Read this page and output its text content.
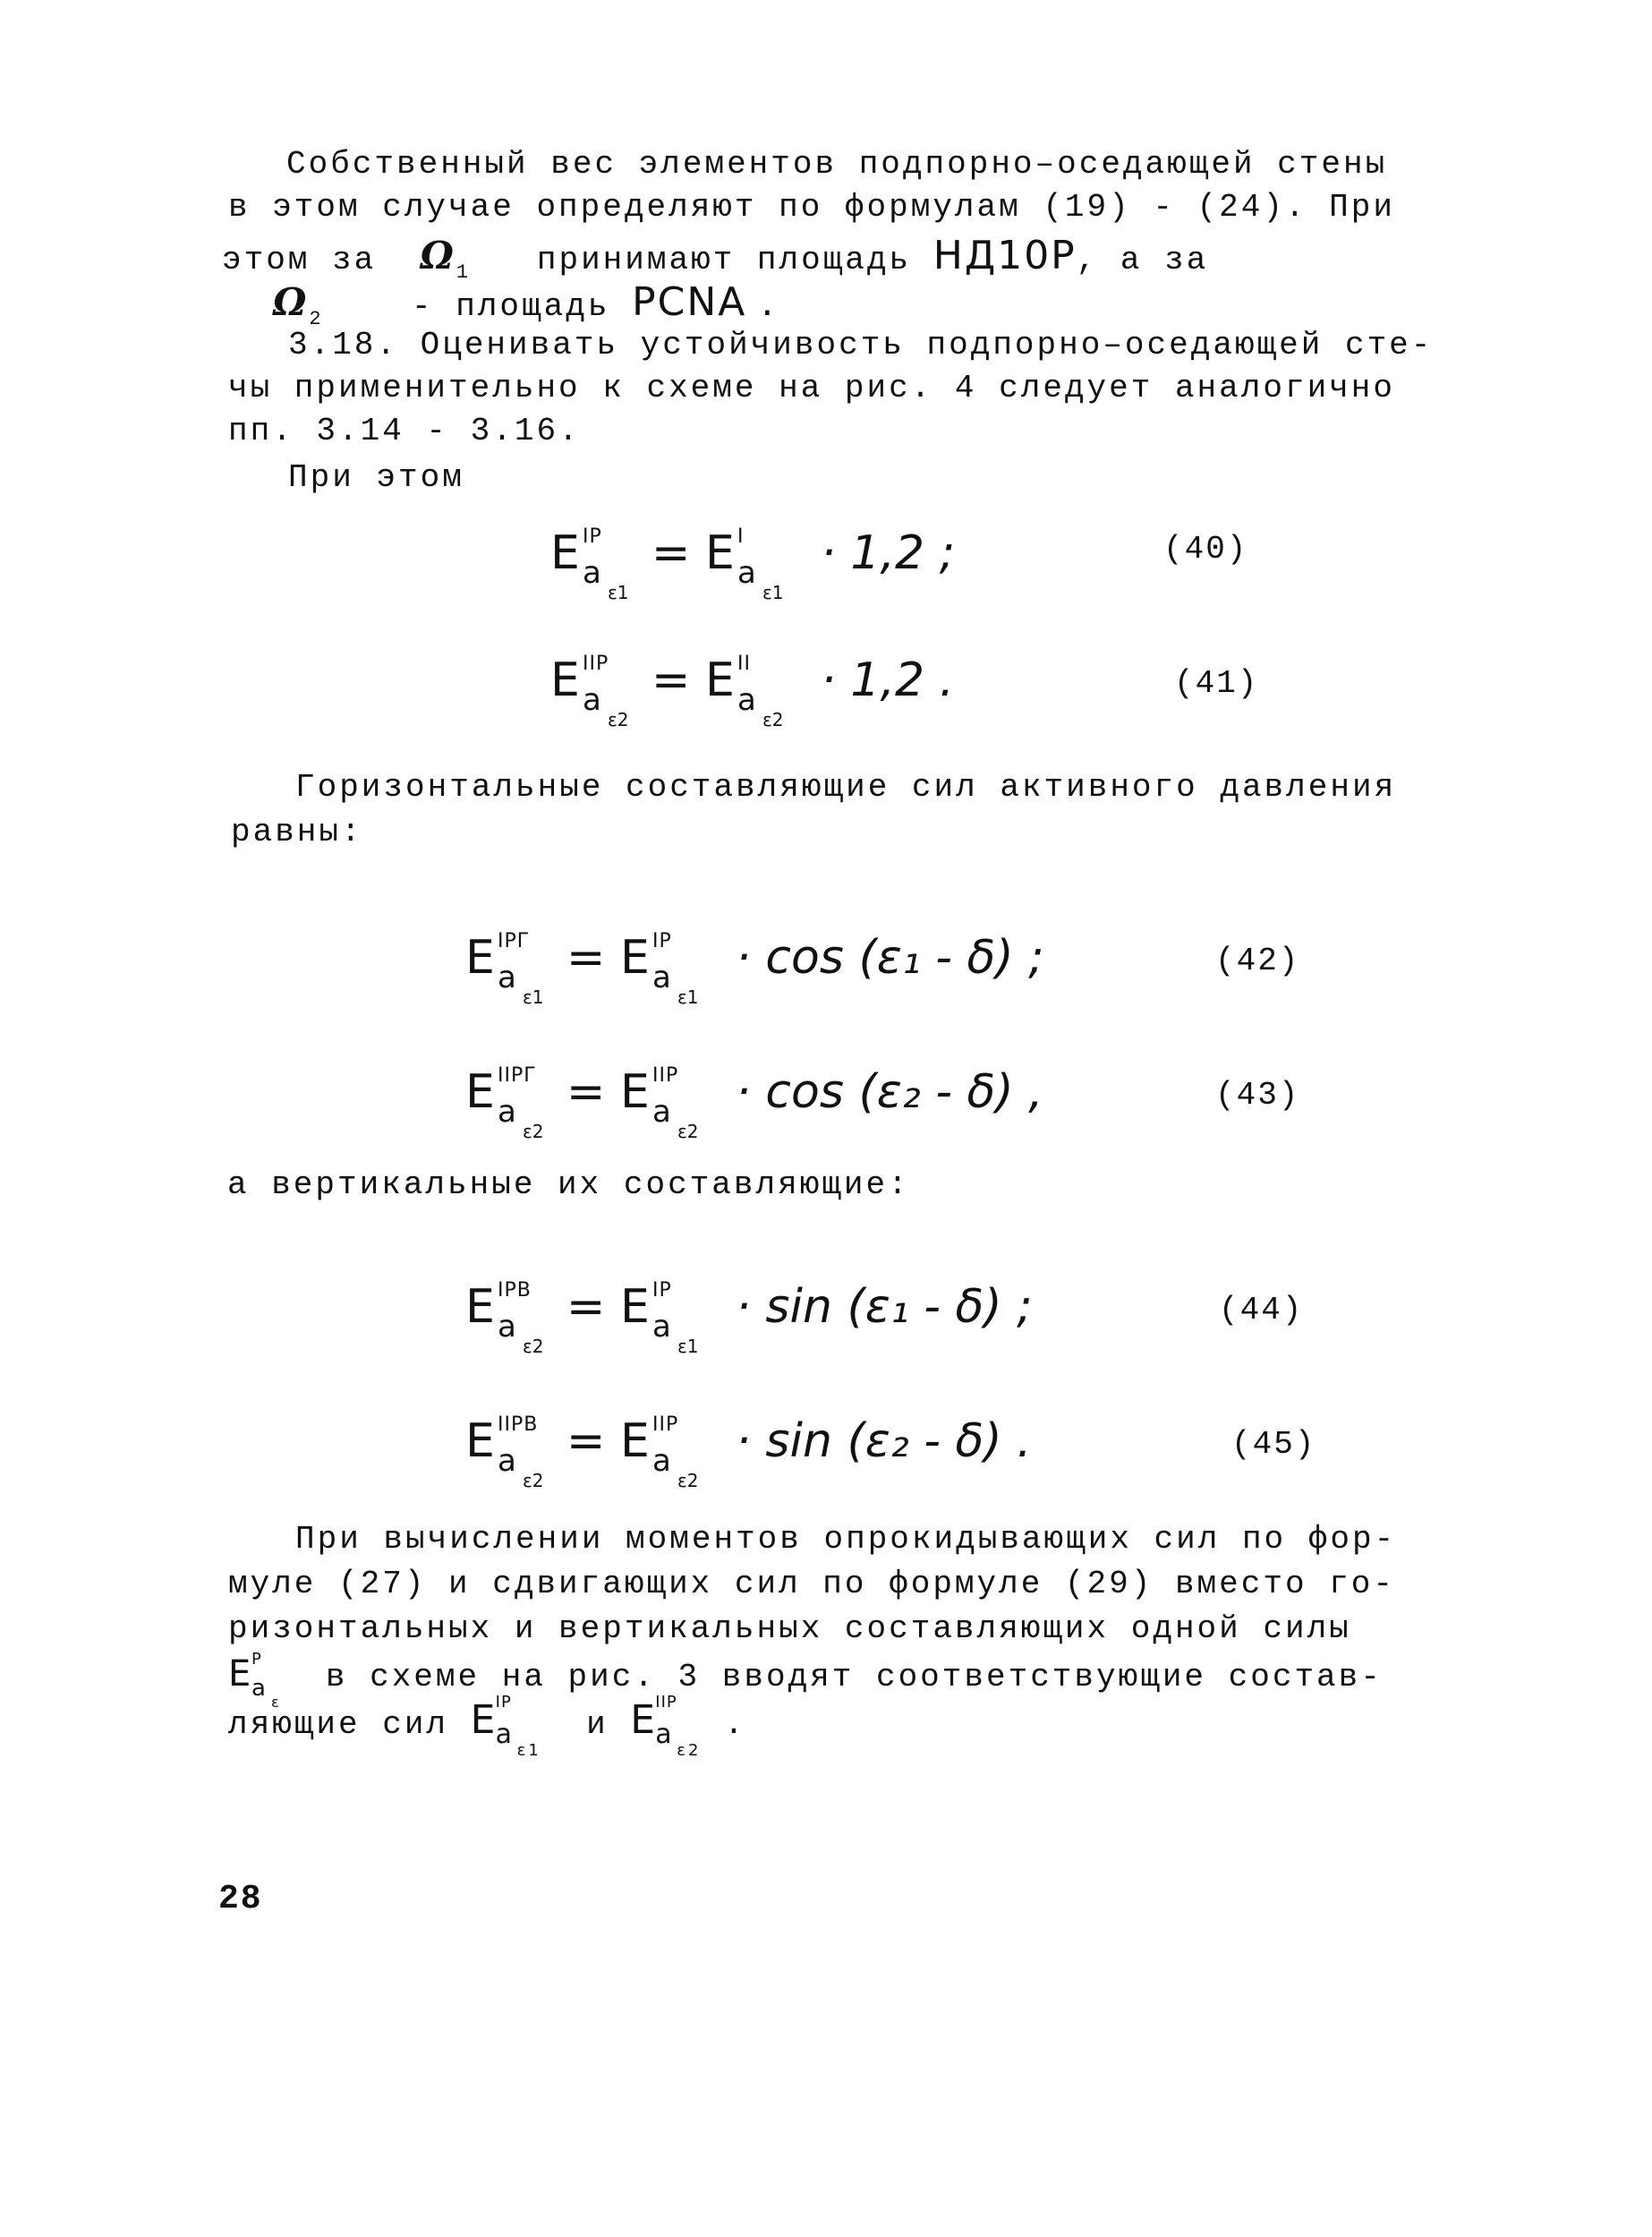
Собственный вес элементов подпорно–оседающей стены
в этом случае определяют по формулам (19) - (24). При
этом за $\Omega_1$ принимают площадь НД10Р, а за
$\Omega_2$	- площадь PCNA .
3.18. Оценивать устойчивость подпорно–оседающей сте-
чы применительно к схеме на рис. 4 следует аналогично
пп. 3.14 - 3.16.
При этом
E IP
a
ε1
= E I
a
ε1
· 1,2 ;	(40)
E IIP
a
ε2
= E II
a
ε2
· 1,2 .	(41)
Горизонтальные составляющие сил активного давления
равны:
E IPГ
a
ε1
= E IP
a
ε1
· cos (ε₁ - δ) ;	(42)
E IIPГ
a
ε2
= E IIP
a
ε2
· cos (ε₂ - δ) ,	(43)
а вертикальные их составляющие:
E IPB
a
ε2
= E IP
a
ε1
· sin (ε₁ - δ) ;	(44)
E IIPB
a
ε2
= E IIP
a
ε2
· sin (ε₂ - δ) .	(45)
При вычислении моментов опрокидывающих сил по фор-
муле (27) и сдвигающих сил по формуле (29) вместо го-
ризонтальных и вертикальных составляющих одной силы
E
P
a
ε
в схеме на рис. 3 вводят соответствующие состав-
ляющие сил E
IP
a
ε1
и E
IIP
a
ε2
.
28
